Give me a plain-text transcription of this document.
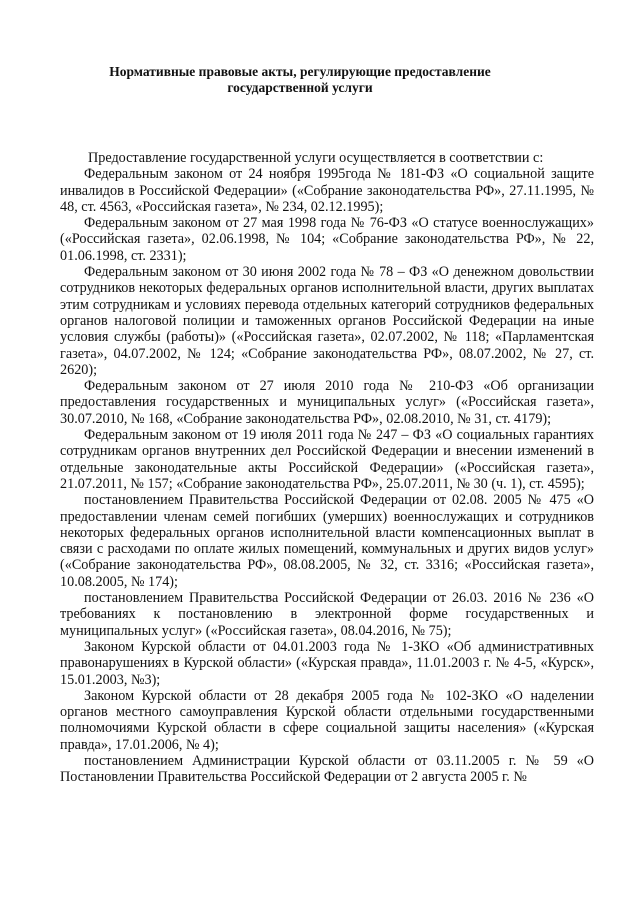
Нормативные правовые акты, регулирующие предоставление
государственной услуги

Предоставление государственной услуги осуществляется в соответствии с:

Федеральным законом от 24 ноября 1995года № 181-ФЗ «О социальной защите инвалидов в Российской Федерации» («Собрание законодательства РФ», 27.11.1995, № 48, ст. 4563, «Российская газета», № 234, 02.12.1995);

Федеральным законом от 27 мая 1998 года № 76-ФЗ «О статусе военнослужащих» («Российская газета», 02.06.1998, № 104; «Собрание законодательства РФ», № 22, 01.06.1998, ст. 2331);

Федеральным законом от 30 июня 2002 года № 78 – ФЗ «О денежном довольствии сотрудников некоторых федеральных органов исполнительной власти, других выплатах этим сотрудникам и условиях перевода отдельных категорий сотрудников федеральных органов налоговой полиции и таможенных органов Российской Федерации на иные условия службы (работы)» («Российская газета», 02.07.2002, № 118; «Парламентская газета», 04.07.2002, № 124; «Собрание законодательства РФ», 08.07.2002, № 27, ст. 2620);

Федеральным законом от 27 июля 2010 года № 210-ФЗ «Об организации предоставления государственных и муниципальных услуг» («Российская газета», 30.07.2010, № 168, «Собрание законодательства РФ», 02.08.2010, № 31, ст. 4179);

Федеральным законом от 19 июля 2011 года № 247 – ФЗ «О социальных гарантиях сотрудникам органов внутренних дел Российской Федерации и внесении изменений в отдельные законодательные акты Российской Федерации» («Российская газета», 21.07.2011, № 157; «Собрание законодательства РФ», 25.07.2011, № 30 (ч. 1), ст. 4595);

постановлением Правительства Российской Федерации от 02.08. 2005 № 475 «О предоставлении членам семей погибших (умерших) военнослужащих и сотрудников некоторых федеральных органов исполнительной власти компенсационных выплат в связи с расходами по оплате жилых помещений, коммунальных и других видов услуг» («Собрание законодательства РФ», 08.08.2005, № 32, ст. 3316; «Российская газета», 10.08.2005, № 174);

постановлением Правительства Российской Федерации от 26.03. 2016 № 236 «О требованиях к постановлению в электронной форме государственных и муниципальных услуг» («Российская газета», 08.04.2016, № 75);

Законом Курской области от 04.01.2003 года № 1-ЗКО «Об административных правонарушениях в Курской области» («Курская правда», 11.01.2003 г. № 4-5, «Курск», 15.01.2003, №3);

Законом Курской области от 28 декабря 2005 года № 102-ЗКО «О наделении органов местного самоуправления Курской области отдельными государственными полномочиями Курской области в сфере социальной защиты населения» («Курская правда», 17.01.2006, № 4);

постановлением Администрации Курской области от 03.11.2005 г. № 59 «О Постановлении Правительства Российской Федерации от 2 августа 2005 г. №
